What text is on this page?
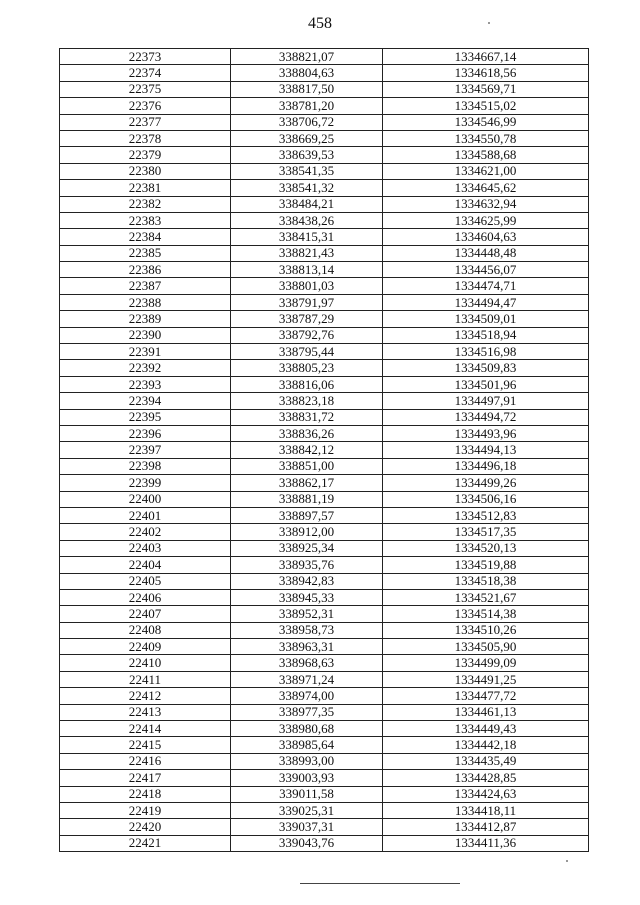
458
22373	338821,07	1334667,14
22374	338804,63	1334618,56
22375	338817,50	1334569,71
22376	338781,20	1334515,02
22377	338706,72	1334546,99
22378	338669,25	1334550,78
22379	338639,53	1334588,68
22380	338541,35	1334621,00
22381	338541,32	1334645,62
22382	338484,21	1334632,94
22383	338438,26	1334625,99
22384	338415,31	1334604,63
22385	338821,43	1334448,48
22386	338813,14	1334456,07
22387	338801,03	1334474,71
22388	338791,97	1334494,47
22389	338787,29	1334509,01
22390	338792,76	1334518,94
22391	338795,44	1334516,98
22392	338805,23	1334509,83
22393	338816,06	1334501,96
22394	338823,18	1334497,91
22395	338831,72	1334494,72
22396	338836,26	1334493,96
22397	338842,12	1334494,13
22398	338851,00	1334496,18
22399	338862,17	1334499,26
22400	338881,19	1334506,16
22401	338897,57	1334512,83
22402	338912,00	1334517,35
22403	338925,34	1334520,13
22404	338935,76	1334519,88
22405	338942,83	1334518,38
22406	338945,33	1334521,67
22407	338952,31	1334514,38
22408	338958,73	1334510,26
22409	338963,31	1334505,90
22410	338968,63	1334499,09
22411	338971,24	1334491,25
22412	338974,00	1334477,72
22413	338977,35	1334461,13
22414	338980,68	1334449,43
22415	338985,64	1334442,18
22416	338993,00	1334435,49
22417	339003,93	1334428,85
22418	339011,58	1334424,63
22419	339025,31	1334418,11
22420	339037,31	1334412,87
22421	339043,76	1334411,36
